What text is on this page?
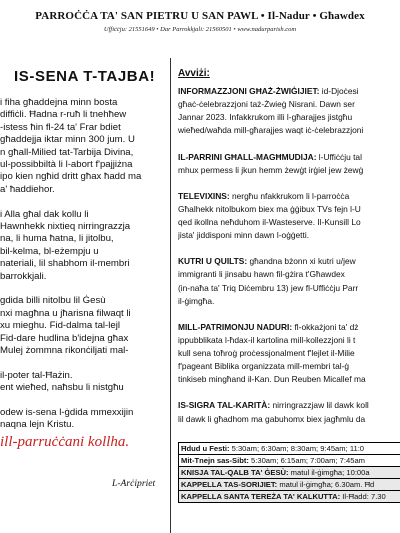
PARROĊĊA TA' SAN PIETRU U SAN PAWL • Il-Nadur • Għawdex
Uffiċċju: 21551649 • Dar Parrokkjali: 21560501 • www.nadurparish.com
IS-SENA T-TAJBA!
i fiha għaddejna minn bosta
diffiċli. Ħadna r-ruħ li tnehħew
-istess ħin fl-24 ta' Frar bdiet
għaddejja iktar minn 300 jum. U
n għall-Milied tat-Tarbija Divina,
ul-possibbiltà li l-abort f'pajjiżna
ipo kien ngħid dritt għax ħadd ma
a' ħaddiehor.
i Alla għal dak kollu li
Hawnhekk nixtieq nirringrazzja
na, li huma ħatna, li jitolbu,
bil-kelma, bl-eżempju u
nateriali, lil shabhom il-membri
barrokkjali.
gdida billi nitolbu lil Ġesù
nxi magħna u jħarisna filwaqt li
xu mieghu. Fid-dalma tal-lejl
Fid-dare hudlina b'idejna għax
Mulej żommna rikonċiljati mal-
il-poter tal-Ħażin.
ent wieħed, naħsbu li nistgħu
odew is-sena l-ġdida mmexxijin
naqna lejn Kristu.
ill-parruċċani kollha.
L-Arċipriet
Avviżi:
INFORMAZZJONI GĦAŻ-ŻWIĠIJIET: id-Djoċesi
għaċ-ċelebrazzjoni taż-Żwieġ Nisrani. Dawn ser
Jannar 2023. Infakkrukom illi l-għarajjes jistgħu
wieħed/waħda mill-għarajjes waqt iċ-ċelebrazzjoni
IL-PARRINI GĦALL-MAGĦMUDIJA: l-Uffiċċju tal
mhux permess li jkun hemm żewġt irġiel jew żewġ
TELEVIXINS: nergħu nfakkrukom li l-parroċċa
Għalhekk nitolbukom biex ma ġġibux TVs fejn l-U
qed ikollna neħduhom il-Wasteserve. Il-Kunsill Lo
jista' jiddisponi minn dawn l-oġġetti.
KUTRI U QUILTS: għandna bżonn xi kutri u/jew
immigranti li jinsabu hawn fil-gżira t'Għawdex
(in-naħa ta' Triq Diċembru 13) jew fl-Uffiċċju Parr
il-ġimgħa.
MILL-PATRIMONJU NADURI: fl-okkażjoni ta' dż
ippubblikata l-ħdax-il kartolina mill-kollezzjoni li t
kull sena toħroġ proċessjonalment f'lejlet il-Milie
f'pageant Biblika organizzata mill-membri tal-ġ
tinkiseb mingħand il-Kan. Dun Reuben Micallef ma
IS-SIGRA TAL-KARITÀ: nirringrazzjaw lil dawk koll
lil dawk li għadhom ma gabuhomx biex jagħmlu da
Ħdud u Festi: 5:30am; 6:30am; 8:30am; 9:45am; 11:0
Mit-Tnejn sas-Sibt: 5:30am; 6:15am; 7:00am; 7:45am
KNISJA TAL-QALB TA' ĠESÙ: matul il-ġimgħa; 10:00a
KAPPELLA TAS-SORIJIET: matul il-ġimgħa; 6.30am. Ħd
KAPPELLA SANTA TEREŻA TA' KALKUTTA: Il-Ħadd: 7.30
